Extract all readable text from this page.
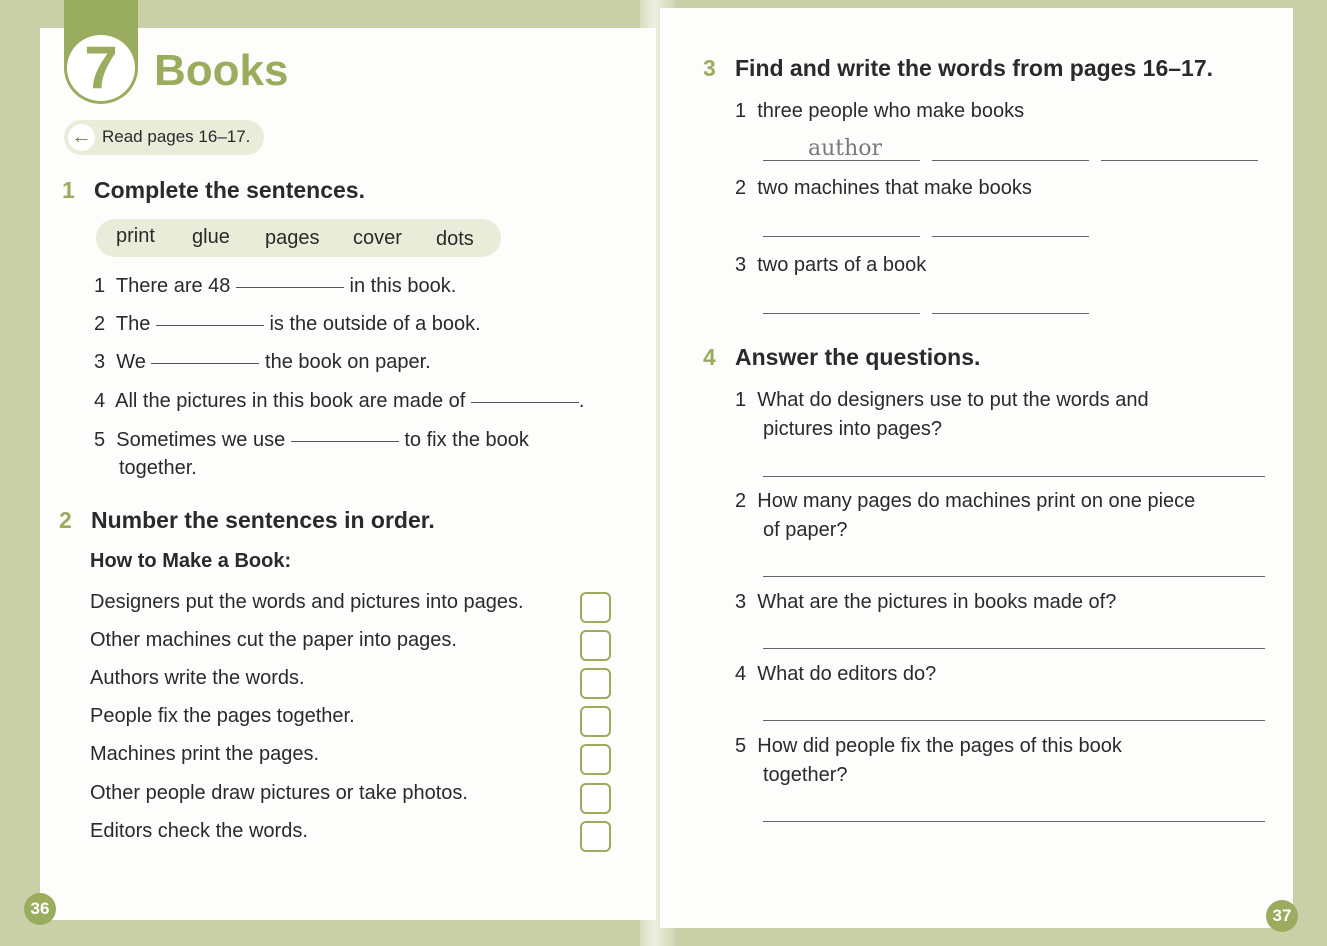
7 Books
← Read pages 16–17.
1 Complete the sentences.
print glue pages cover dots
1 There are 48	in this book.
2 The	is the outside of a book.
3 We	the book on paper.
4 All the pictures in this book are made of	.
5 Sometimes we use	to fix the book
together.
2 Number the sentences in order.
How to Make a Book:
Designers put the words and pictures into pages.
Other machines cut the paper into pages.
Authors write the words.
People fix the pages together.
Machines print the pages.
Other people draw pictures or take photos.
Editors check the words.
36
3 Find and write the words from pages 16–17.
1 three people who make books
author
2 two machines that make books
3 two parts of a book
4 Answer the questions.
1 What do designers use to put the words and
pictures into pages?
2 How many pages do machines print on one piece
of paper?
3 What are the pictures in books made of?
4 What do editors do?
5 How did people fix the pages of this book
together?
37
